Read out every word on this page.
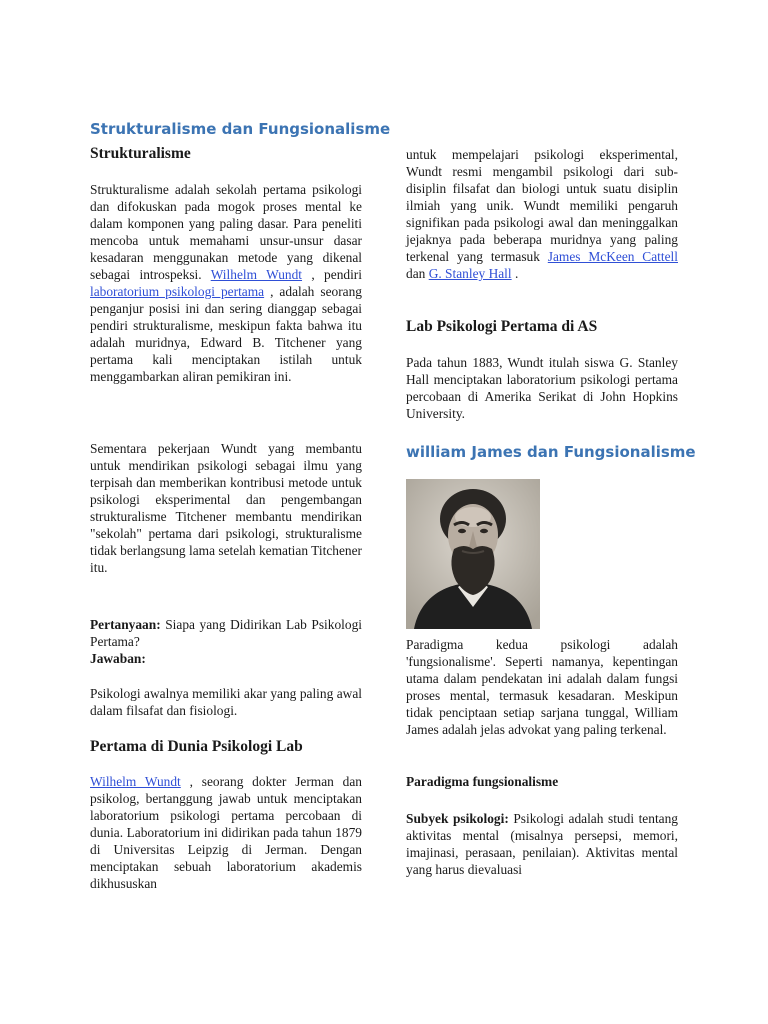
Strukturalisme dan Fungsionalisme
Strukturalisme

Strukturalisme adalah sekolah pertama psikologi dan difokuskan pada mogok proses mental ke dalam komponen yang paling dasar. Para peneliti mencoba untuk memahami unsur-unsur dasar kesadaran menggunakan metode yang dikenal sebagai introspeksi. Wilhelm Wundt , pendiri laboratorium psikologi pertama , adalah seorang penganjur posisi ini dan sering dianggap sebagai pendiri strukturalisme, meskipun fakta bahwa itu adalah muridnya, Edward B. Titchener yang pertama kali menciptakan istilah untuk menggambarkan aliran pemikiran ini.

Sementara pekerjaan Wundt yang membantu untuk mendirikan psikologi sebagai ilmu yang terpisah dan memberikan kontribusi metode untuk psikologi eksperimental dan pengembangan strukturalisme Titchener membantu mendirikan "sekolah" pertama dari psikologi, strukturalisme tidak berlangsung lama setelah kematian Titchener itu.

Pertanyaan: Siapa yang Didirikan Lab Psikologi Pertama?

Jawaban:

Psikologi awalnya memiliki akar yang paling awal dalam filsafat dan fisiologi.

Pertama di Dunia Psikologi Lab

Wilhelm Wundt , seorang dokter Jerman dan psikolog, bertanggung jawab untuk menciptakan laboratorium psikologi pertama percobaan di dunia. Laboratorium ini didirikan pada tahun 1879 di Universitas Leipzig di Jerman. Dengan menciptakan sebuah laboratorium akademis dikhususkan

untuk mempelajari psikologi eksperimental, Wundt resmi mengambil psikologi dari sub-disiplin filsafat dan biologi untuk suatu disiplin ilmiah yang unik. Wundt memiliki pengaruh signifikan pada psikologi awal dan meninggalkan jejaknya pada beberapa muridnya yang paling terkenal yang termasuk James McKeen Cattell dan G. Stanley Hall .

Lab Psikologi Pertama di AS

Pada tahun 1883, Wundt itulah siswa G. Stanley Hall menciptakan laboratorium psikologi pertama percobaan di Amerika Serikat di John Hopkins University.

william James dan Fungsionalisme

Paradigma kedua psikologi adalah 'fungsionalisme'. Seperti namanya, kepentingan utama dalam pendekatan ini adalah dalam fungsi proses mental, termasuk kesadaran. Meskipun tidak penciptaan setiap sarjana tunggal, William James adalah jelas advokat yang paling terkenal.

Paradigma fungsionalisme

Subyek psikologi: Psikologi adalah studi tentang aktivitas mental (misalnya persepsi, memori, imajinasi, perasaan, penilaian). Aktivitas mental yang harus dievaluasi
